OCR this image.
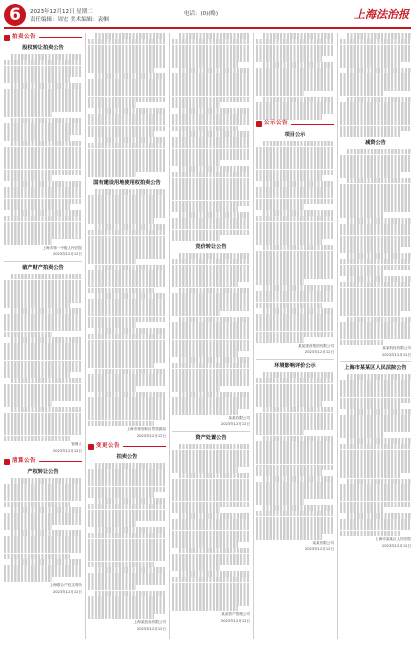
6	2023年12月12日 星期二
责任编辑：周宏 美术编辑：袁帼
电话：(0)(略)	上海法治报
拍卖公告
股权转让拍卖公告
上海市第一中级人民法院
2023年12月12日
破产财产拍卖公告
管理人
2023年12月12日
清算公告
产权转让公告
上海联合产权交易所
2023年12月12日
国有建设用地使用权拍卖公告
上海市规划和自然资源局
2023年12月12日
变更公告
拍卖公告
上海某拍卖有限公司
2023年12月12日
竞价转让公告
某某有限公司
2023年12月12日
资产处置公告
某某资产管理公司
2023年12月12日
公示公告
项目公示
某某建设集团有限公司
2023年12月12日
环境影响评价公示
某某有限公司
2023年12月12日
减资公告
某某科技有限公司
2023年12月12日
上海市某某区人民法院公告
上海市某某区人民法院
2023年12月12日
